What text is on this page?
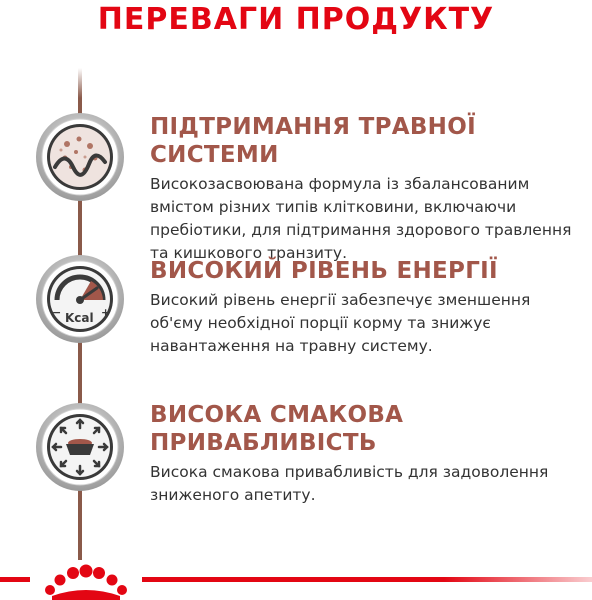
ПЕРЕВАГИ ПРОДУКТУ
−	+
Kcal
ПІДТРИМАННЯ ТРАВНОЇ СИСТЕМИ

Високозасвоювана формула із збалансованим
вмістом різних типів клітковини, включаючи
пребіотики, для підтримання здорового травлення
та кишкового транзиту.

ВИСОКИЙ РІВЕНЬ ЕНЕРГІЇ

Високий рівень енергії забезпечує зменшення
об'єму необхідної порції корму та знижує
навантаження на травну систему.

ВИСОКА СМАКОВА ПРИВАБЛИВІСТЬ

Висока смакова привабливість для задоволення
зниженого апетиту.
